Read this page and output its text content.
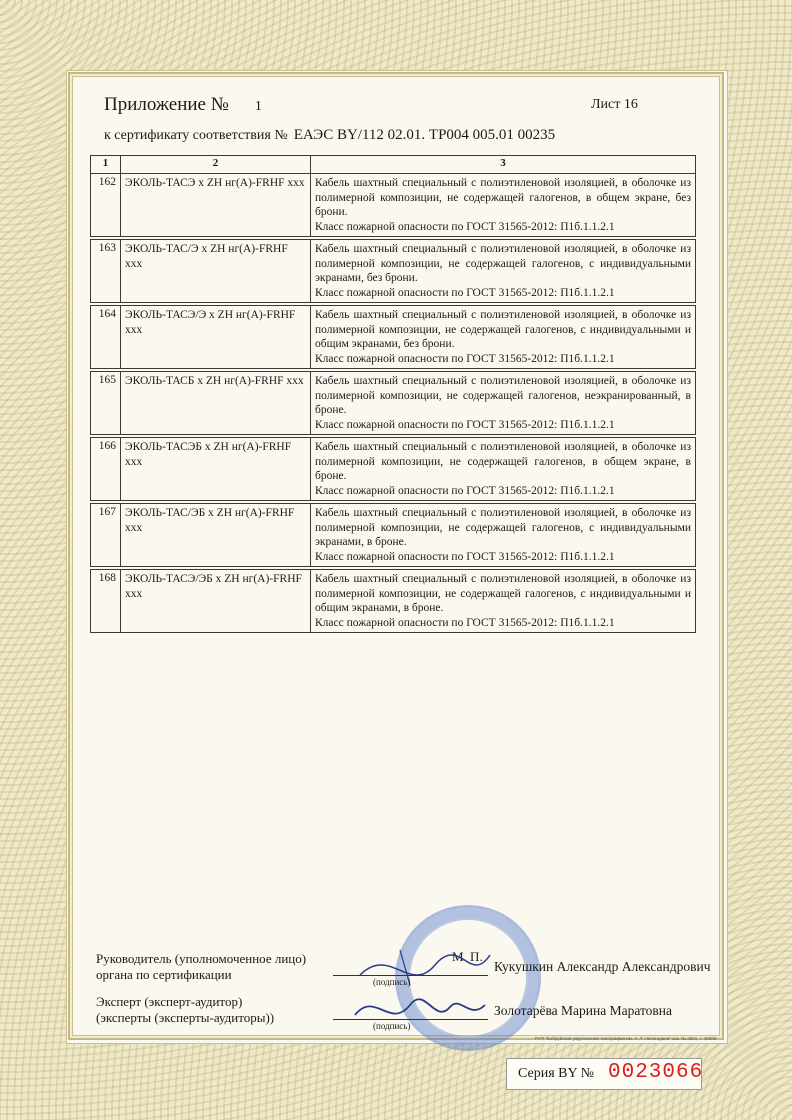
Приложение № 1	Лист 16
к сертификату соответствия № ЕАЭС BY/112 02.01. ТР004 005.01 00235
1	2	3
162	ЭКОЛЬ-ТАСЭ х ZH нг(А)-FRHF ххх	Кабель шахтный специальный с полиэтиленовой изоляцией, в оболочке из полимерной композиции, не содержащей галогенов, в общем экране, без брони.
Класс пожарной опасности по ГОСТ 31565-2012: П1б.1.1.2.1

163	ЭКОЛЬ-ТАС/Э х ZH нг(А)-FRHF ххх	Кабель шахтный специальный с полиэтиленовой изоляцией, в оболочке из полимерной композиции, не содержащей галогенов, с индивидуальными экранами, без брони.
Класс пожарной опасности по ГОСТ 31565-2012: П1б.1.1.2.1

164	ЭКОЛЬ-ТАСЭ/Э х ZH нг(А)-FRHF ххх	Кабель шахтный специальный с полиэтиленовой изоляцией, в оболочке из полимерной композиции, не содержащей галогенов, с индивидуальными и общим экранами, без брони.
Класс пожарной опасности по ГОСТ 31565-2012: П1б.1.1.2.1

165	ЭКОЛЬ-ТАСБ х ZH нг(А)-FRHF ххх	Кабель шахтный специальный с полиэтиленовой изоляцией, в оболочке из полимерной композиции, не содержащей галогенов, неэкранированный, в броне.
Класс пожарной опасности по ГОСТ 31565-2012: П1б.1.1.2.1

166	ЭКОЛЬ-ТАСЭБ х ZH нг(А)-FRHF ххх	Кабель шахтный специальный с полиэтиленовой изоляцией, в оболочке из полимерной композиции, не содержащей галогенов, в общем экране, в броне.
Класс пожарной опасности по ГОСТ 31565-2012: П1б.1.1.2.1

167	ЭКОЛЬ-ТАС/ЭБ х ZH нг(А)-FRHF ххх	Кабель шахтный специальный с полиэтиленовой изоляцией, в оболочке из полимерной композиции, не содержащей галогенов, с индивидуальными экранами, в броне.
Класс пожарной опасности по ГОСТ 31565-2012: П1б.1.1.2.1

168	ЭКОЛЬ-ТАСЭ/ЭБ х ZH нг(А)-FRHF ххх	Кабель шахтный специальный с полиэтиленовой изоляцией, в оболочке из полимерной композиции, не содержащей галогенов, с индивидуальными и общим экранами, в броне.
Класс пожарной опасности по ГОСТ 31565-2012: П1б.1.1.2.1
Руководитель (уполномоченное лицо)
органа по сертификации
М. П.
(подпись)
Кукушкин Александр Александрович
Эксперт (эксперт-аудитор)
(эксперты (эксперты-аудиторы))
(подпись)
Золотарёва Марина Маратовна
РУП "Бобруйская укрупненная типография им. А. Т. Непогодина" зак. № 2601, т. 40000
Серия BY № 0023066
